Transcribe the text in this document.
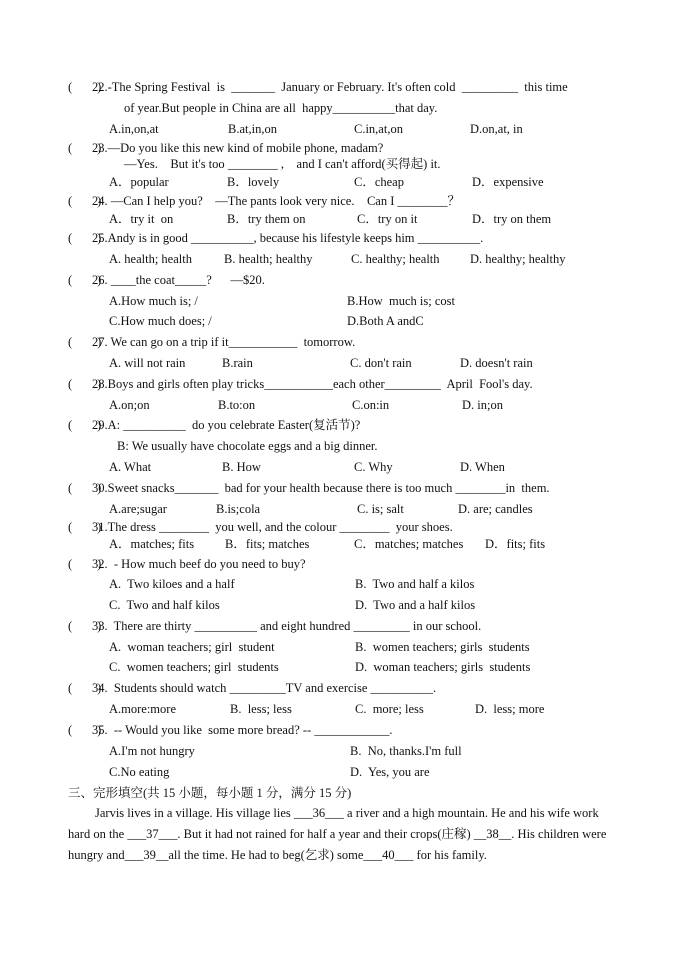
(        )
22.-The Spring Festival  is  _______  January or February. It's often cold  _________  this time
of year.But people in China are all  happy__________that day.
A.in,on,at	B.at,in,on	C.in,at,on	D.on,at, in
(        )
23.—Do you like this new kind of mobile phone, madam?
—Yes.    But it's too ________ ,    and I can't afford(买得起) it.
A．popular	B．lovely	C．cheap	D．expensive
(        )
24. —Can I help you?    —The pants look very nice.    Can I ________？
A．try it  on	B．try them on	C．try on it	D．try on them
(        )
25.Andy is in good __________, because his lifestyle keeps him __________.
A. health; health	B. health; healthy	C. healthy; health D. healthy; healthy
(        )
26. ____the coat_____?      —$20.
A.How much is; /	B.How  much is; cost
C.How much does; /	D.Both A andC
(        )
27. We can go on a trip if it___________  tomorrow.
A. will not rain	B.rain	C. don't rain	D. doesn't rain
(        )
28.Boys and girls often play tricks___________each other_________  April  Fool's day.
A.on;on	B.to:on	C.on:in	D. in;on
(        )
29.A: __________  do you celebrate Easter(复活节)?
B: We usually have chocolate eggs and a big dinner.
A. What	B. How	C. Why	D. When
(        )
30.Sweet snacks_______  bad for your health because there is too much ________in  them.
A.are;sugar	B.is;cola	C. is; salt	D. are; candles
(        )
31.The dress ________  you well, and the colour ________  your shoes.
A．matches; fits B．fits; matches	C．matches; matches D．fits; fits
(        )
32.  - How much beef do you need to buy?
A.  Two kiloes and a half	B.  Two and half a kilos
C.  Two and half kilos	D.  Two and a half kilos
(        )
33.  There are thirty __________ and eight hundred _________ in our school.
A.  woman teachers; girl  student	B.  women teachers; girls  students
C.  women teachers; girl  students	D.  woman teachers; girls  students
(        )
34.  Students should watch _________TV and exercise __________.
A.more:more	B.  less; less	C.  more; less	D.  less; more
(        )
35.  -- Would you like  some more bread? -- ____________.
A.I'm not hungry	B.  No, thanks.I'm full
C.No eating	D.  Yes, you are
三、完形填空(共 15 小题，每小题 1 分，满分 15 分)
Jarvis lives in a village. His village lies ___36___ a river and a high mountain. He and his wife work hard on the ___37___. But it had not rained for half a year and their crops(庄稼) __38__. His children were hungry and___39__all the time. He had to beg(乞求) some___40___ for his family.
